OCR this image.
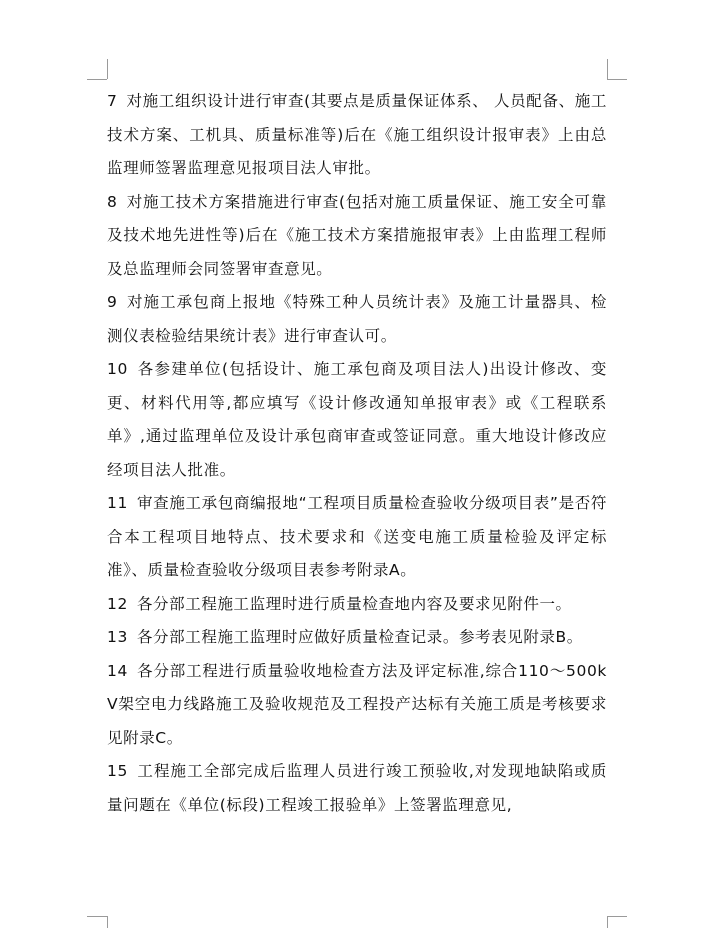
7 对施工组织设计进行审查(其要点是质量保证体系、 人员配备、施工技术方案、工机具、质量标准等)后在《施工组织设计报审表》上由总监理师签署监理意见报项目法人审批。

8 对施工技术方案措施进行审查(包括对施工质量保证、施工安全可靠及技术地先进性等)后在《施工技术方案措施报审表》上由监理工程师及总监理师会同签署审查意见。

9 对施工承包商上报地《特殊工种人员统计表》及施工计量器具、检测仪表检验结果统计表》进行审查认可。

10 各参建单位(包括设计、施工承包商及项目法人)出设计修改、变更、材料代用等,都应填写《设计修改通知单报审表》或《工程联系单》,通过监理单位及设计承包商审查或签证同意。重大地设计修改应经项目法人批准。

11 审查施工承包商编报地“工程项目质量检查验收分级项目表”是否符合本工程项目地特点、技术要求和《送变电施工质量检验及评定标准》、质量检查验收分级项目表参考附录A。

12 各分部工程施工监理时进行质量检查地内容及要求见附件一。

13 各分部工程施工监理时应做好质量检查记录。参考表见附录B。

14 各分部工程进行质量验收地检查方法及评定标准,综合110～500kV架空电力线路施工及验收规范及工程投产达标有关施工质是考核要求见附录C。

15 工程施工全部完成后监理人员进行竣工预验收,对发现地缺陷或质量问题在《单位(标段)工程竣工报验单》上签署监理意见,
